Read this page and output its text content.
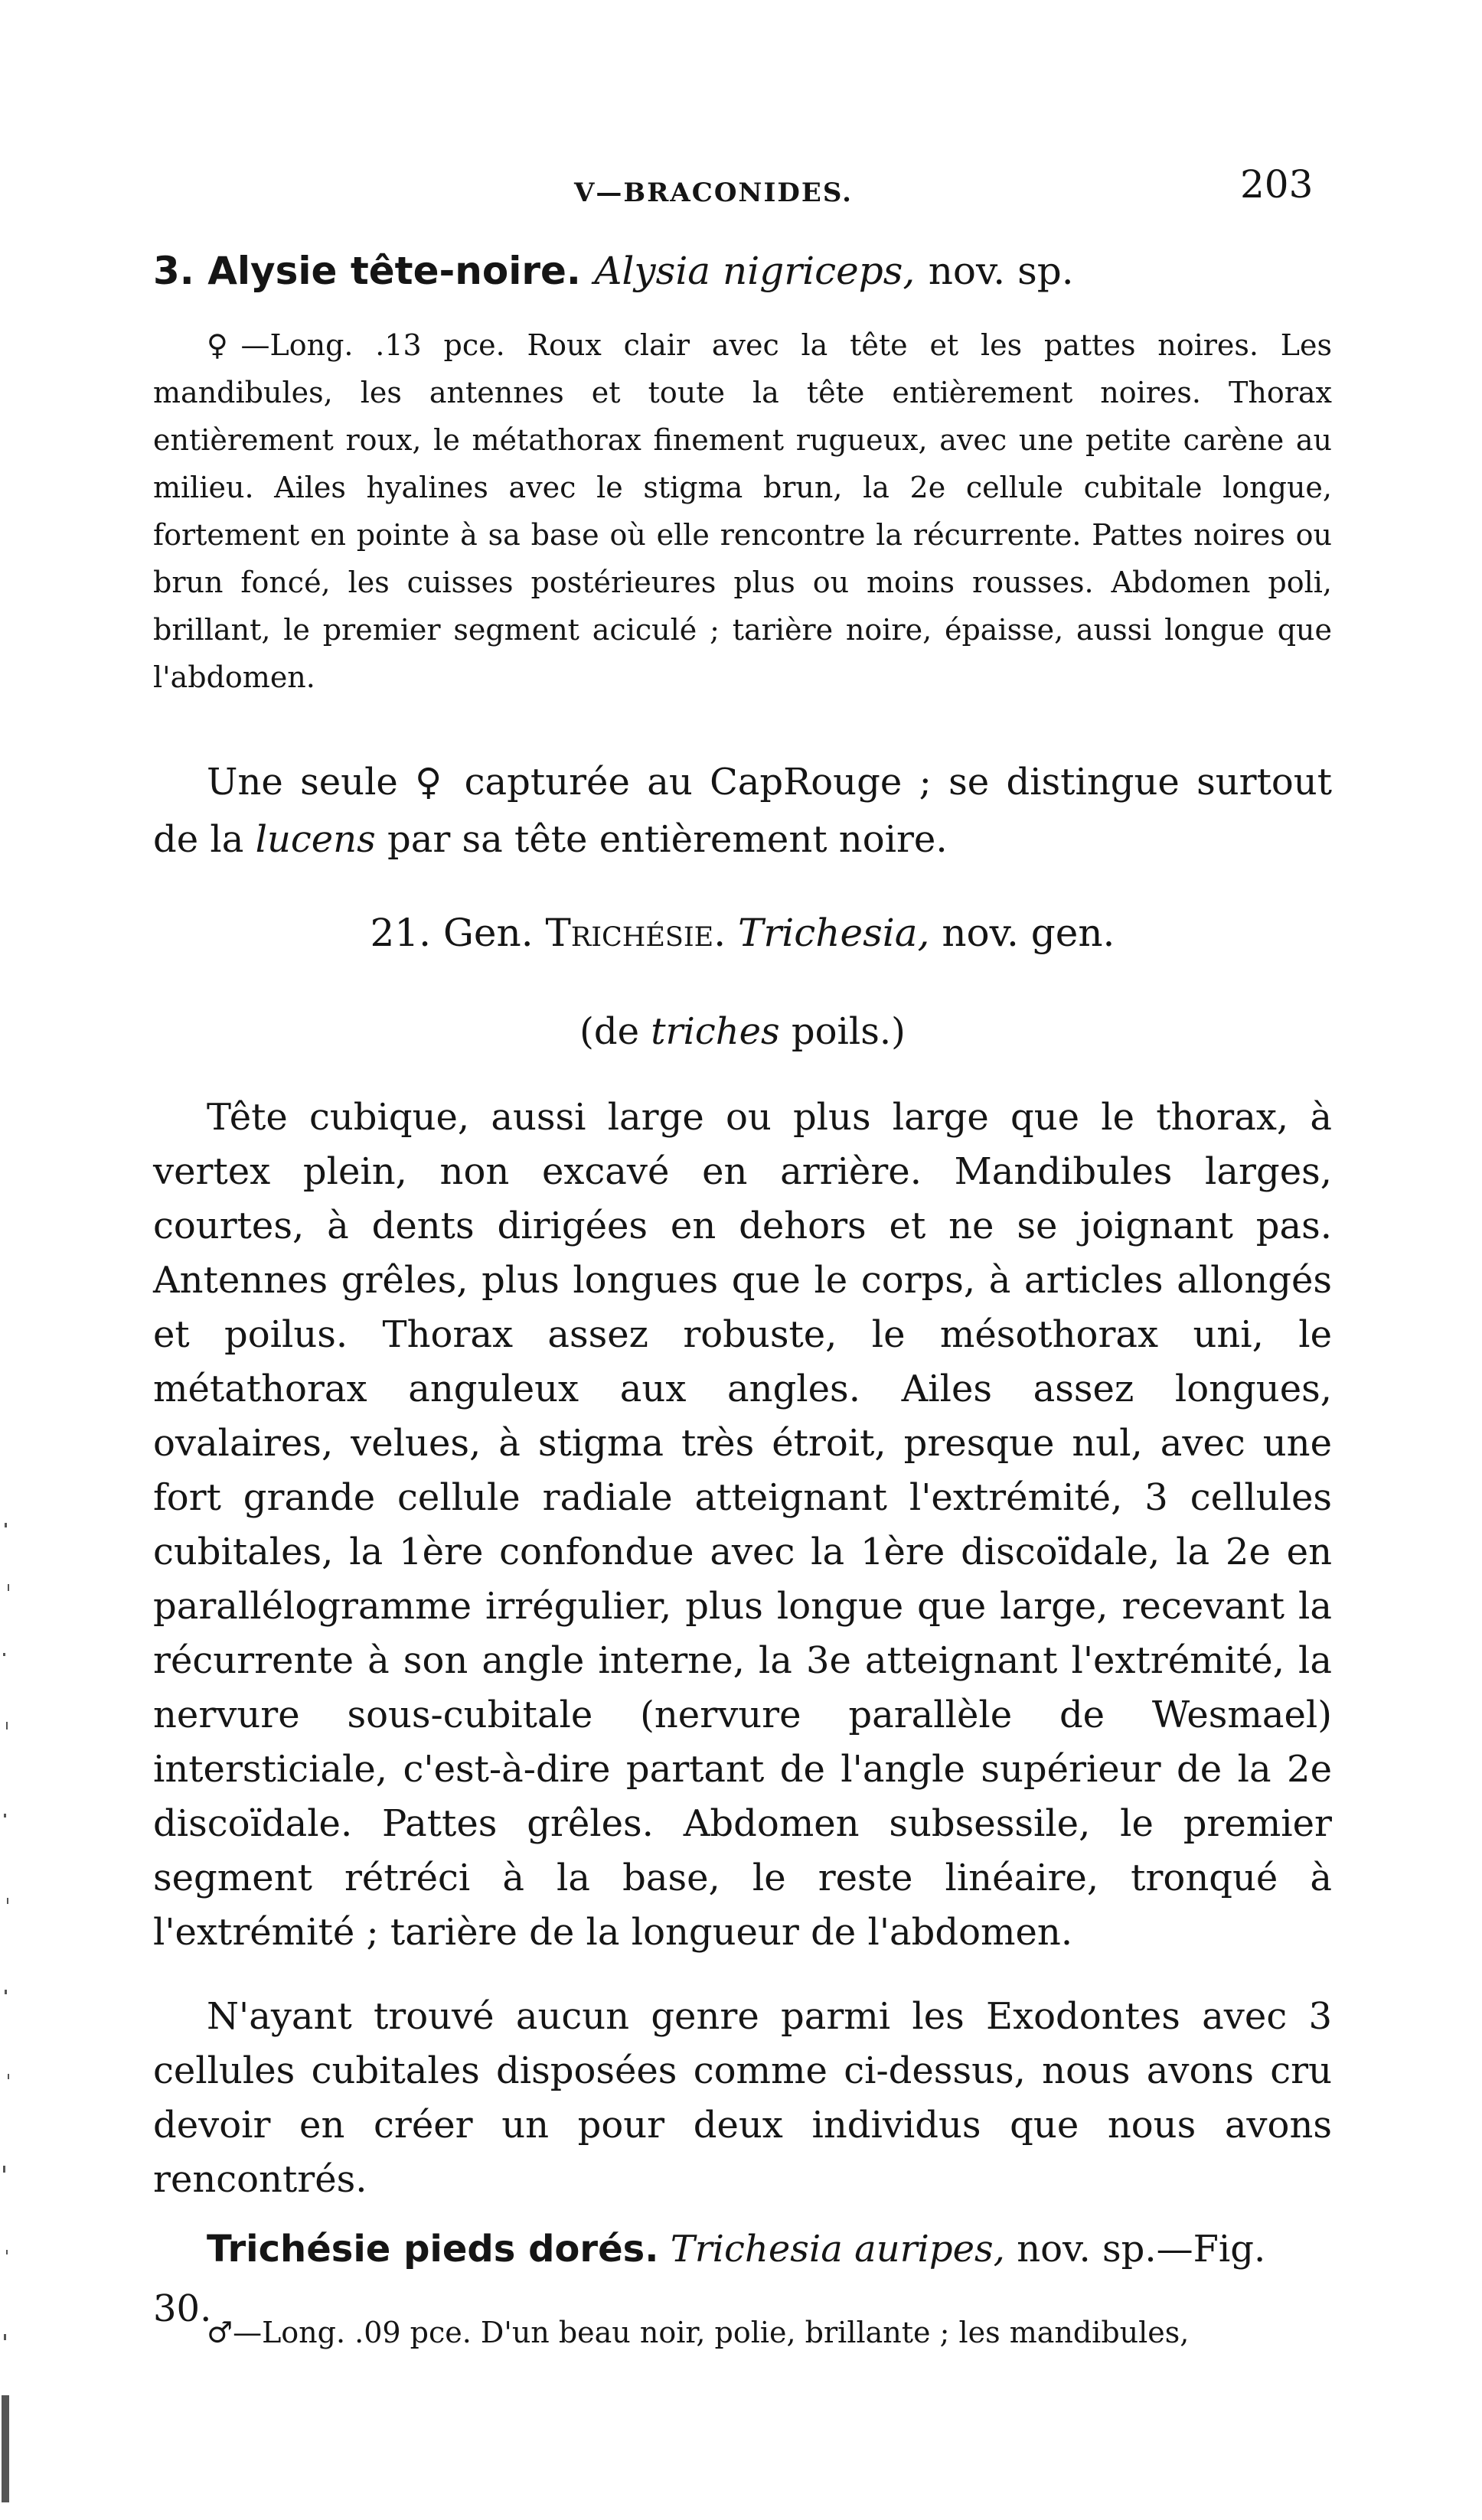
V—BRACONIDES.	203
3. Alysie tête-noire. Alysia nigriceps, nov. sp.
♀—Long. .13 pce. Roux clair avec la tête et les pattes noires. Les mandibules, les antennes et toute la tête entièrement noires. Thorax entièrement roux, le métathorax finement rugueux, avec une petite carène au milieu. Ailes hyalines avec le stigma brun, la 2e cellule cubitale longue, fortement en pointe à sa base où elle rencontre la récurrente. Pattes noires ou brun foncé, les cuisses postérieures plus ou moins rousses. Abdomen poli, brillant, le premier segment aciculé ; tarière noire, épaisse, aussi longue que l'abdomen.
Une seule ♀ capturée au CapRouge ; se distingue surtout de la lucens par sa tête entièrement noire.
21. Gen. Trichésie. Trichesia, nov. gen.
(de triches poils.)
Tête cubique, aussi large ou plus large que le thorax, à vertex plein, non excavé en arrière. Mandibules larges, courtes, à dents dirigées en dehors et ne se joignant pas. Antennes grêles, plus longues que le corps, à articles allongés et poilus. Thorax assez robuste, le mésothorax uni, le métathorax anguleux aux angles. Ailes assez longues, ovalaires, velues, à stigma très étroit, presque nul, avec une fort grande cellule radiale atteignant l'extrémité, 3 cellules cubitales, la 1ère confondue avec la 1ère discoïdale, la 2e en parallélogramme irrégulier, plus longue que large, recevant la récurrente à son angle interne, la 3e atteignant l'extrémité, la nervure sous-cubitale (nervure parallèle de Wesmael) intersticiale, c'est-à-dire partant de l'angle supérieur de la 2e discoïdale. Pattes grêles. Abdomen subsessile, le premier segment rétréci à la base, le reste linéaire, tronqué à l'extrémité ; tarière de la longueur de l'abdomen.
N'ayant trouvé aucun genre parmi les Exodontes avec 3 cellules cubitales disposées comme ci-dessus, nous avons cru devoir en créer un pour deux individus que nous avons rencontrés.
Trichésie pieds dorés. Trichesia auripes, nov. sp.—Fig. 30.
♂—Long. .09 pce. D'un beau noir, polie, brillante ; les mandibules,
